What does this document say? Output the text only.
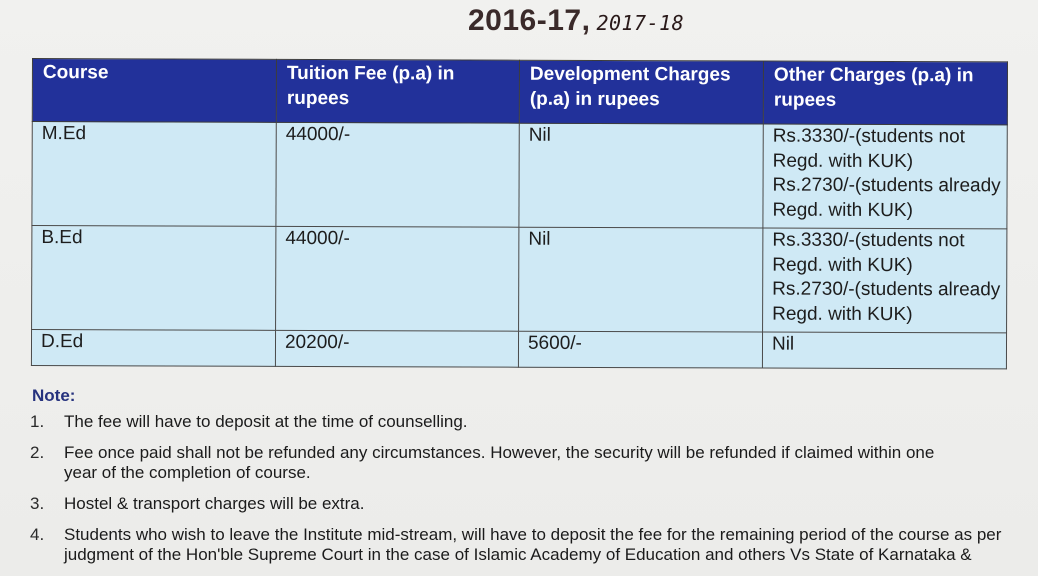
2016-17, 2017-18
Course	Tuition Fee (p.a) in rupees	Development Charges (p.a) in rupees	Other Charges (p.a) in rupees
M.Ed	44000/-	Nil	Rs.3330/-(students not
Regd. with KUK)
Rs.2730/-(students already
Regd. with KUK)

B.Ed	44000/-	Nil	Rs.3330/-(students not
Regd. with KUK)
Rs.2730/-(students already
Regd. with KUK)

D.Ed	20200/-	5600/-	Nil
Note:
1. The fee will have to deposit at the time of counselling.
2. Fee once paid shall not be refunded any circumstances. However, the security will be refunded if claimed within one year of the completion of course.
3. Hostel & transport charges will be extra.
4. Students who wish to leave the Institute mid-stream, will have to deposit the fee for the remaining period of the course as per judgment of the Hon'ble Supreme Court in the case of Islamic Academy of Education and others Vs State of Karnataka &
